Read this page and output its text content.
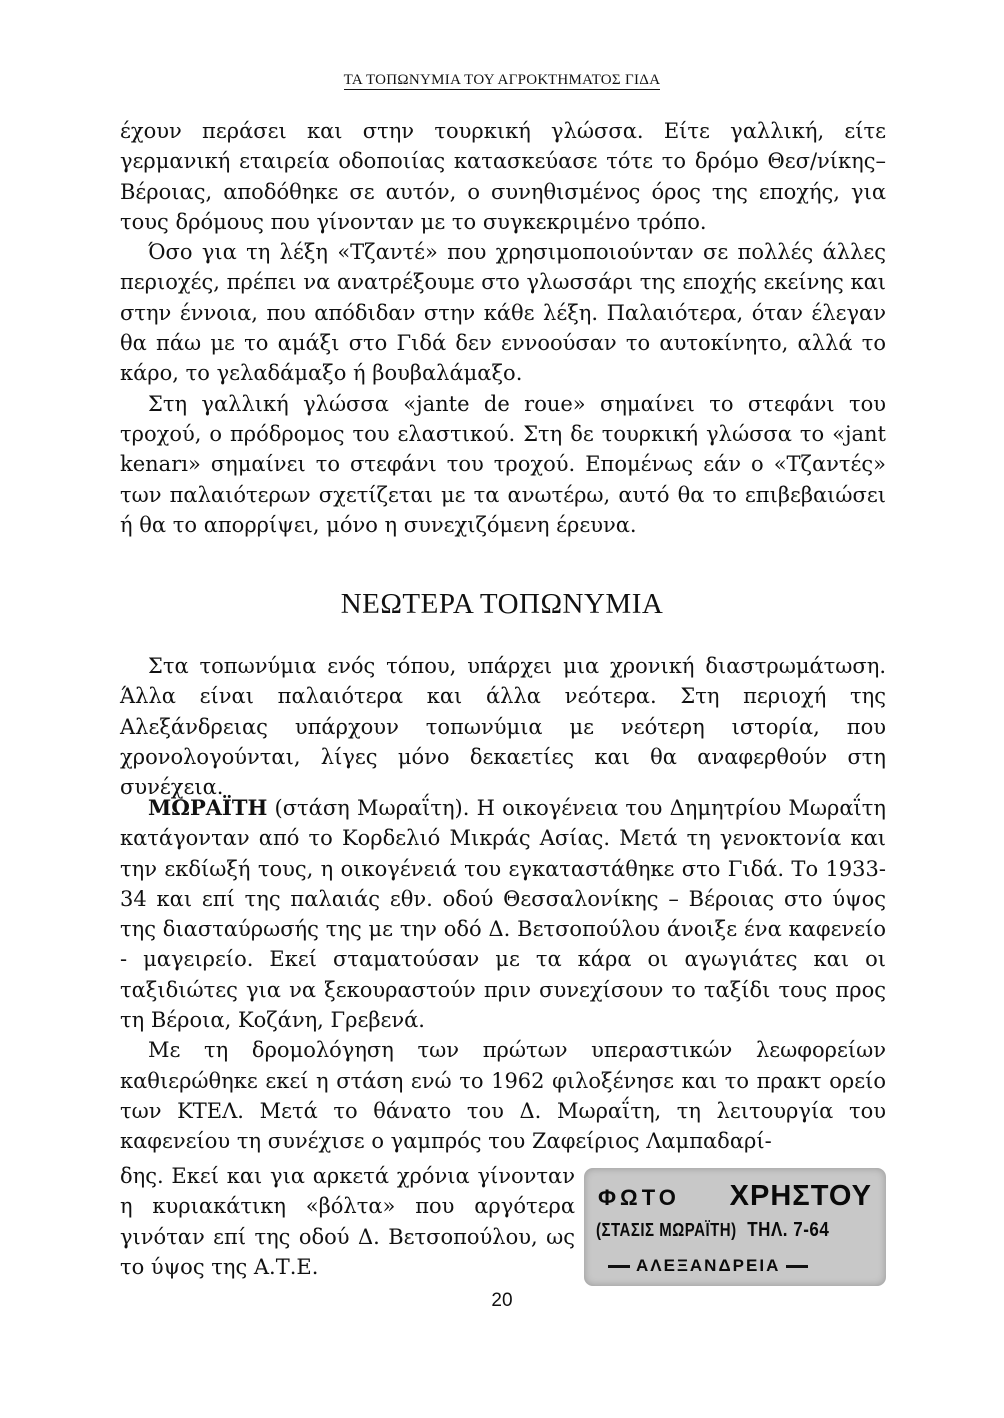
ΤΑ ΤΟΠΩΝΥΜΙΑ ΤΟΥ ΑΓΡΟΚΤΗΜΑΤΟΣ ΓΙΔΑ

έχουν περάσει και στην τουρκική γλώσσα. Είτε γαλλική, είτε γερμανική εταιρεία οδοποιίας κατασκεύασε τότε το δρόμο Θεσ/νίκης–Βέροιας, αποδόθηκε σε αυτόν, ο συνηθισμένος όρος της εποχής, για τους δρόμους που γίνονταν με το συγκεκριμένο τρόπο.

Όσο για τη λέξη «Τζαντέ» που χρησιμοποιούνταν σε πολλές άλλες περιοχές, πρέπει να ανατρέξουμε στο γλωσσάρι της εποχής εκείνης και στην έννοια, που απόδιδαν στην κάθε λέξη. Παλαιότερα, όταν έλεγαν θα πάω με το αμάξι στο Γιδά δεν εννοούσαν το αυτοκίνητο, αλλά το κάρο, το γελαδάμαξο ή βουβαλάμαξο.

Στη γαλλική γλώσσα «jante de roue» σημαίνει το στεφάνι του τροχού, ο πρόδρομος του ελαστικού. Στη δε τουρκική γλώσσα το «jant kenarı» σημαίνει το στεφάνι του τροχού. Επομένως εάν ο «Τζαντές» των παλαιότερων σχετίζεται με τα ανωτέρω, αυτό θα το επιβεβαιώσει ή θα το απορρίψει, μόνο η συνεχιζόμενη έρευνα.

ΝΕΩΤΕΡΑ ΤΟΠΩΝΥΜΙΑ

Στα τοπωνύμια ενός τόπου, υπάρχει μια χρονική διαστρωμάτωση. Άλλα είναι παλαιότερα και άλλα νεότερα. Στη περιοχή της Αλεξάνδρειας υπάρχουν τοπωνύμια με νεότερη ιστορία, που χρονολογούνται, λίγες μόνο δεκαετίες και θα αναφερθούν στη συνέχεια.

ΜΩΡΑΪΤΗ (στάση Μωραΐτη). Η οικογένεια του Δημητρίου Μωραΐτη κατάγονταν από το Κορδελιό Μικράς Ασίας. Μετά τη γενοκτονία και την εκδίωξή τους, η οικογένειά του εγκαταστάθηκε στο Γιδά. Το 1933-34 και επί της παλαιάς εθν. οδού Θεσσαλονίκης – Βέροιας στο ύψος της διασταύρωσής της με την οδό Δ. Βετσοπούλου άνοιξε ένα καφενείο - μαγειρείο. Εκεί σταματούσαν με τα κάρα οι αγωγιάτες και οι ταξιδιώτες για να ξεκουραστούν πριν συνεχίσουν το ταξίδι τους προς τη Βέροια, Κοζάνη, Γρεβενά.

Με τη δρομολόγηση των πρώτων υπεραστικών λεωφορείων καθιερώθηκε εκεί η στάση ενώ το 1962 φιλοξένησε και το πρακτ ορείο των ΚΤΕΛ. Μετά το θάνατο του Δ. Μωραΐτη, τη λειτουργία του καφενείου τη συνέχισε ο γαμπρός του Ζαφείριος Λαμπαδαρί-

δης. Εκεί και για αρκετά χρόνια γίνονταν η κυριακάτικη «βόλτα» που αργότερα γινόταν επί της οδού Δ. Βετσοπούλου, ως το ύψος της Α.Τ.Ε.

ΦΩΤΟ ΧΡΗΣΤΟΥ
(ΣΤΑΣΙΣ ΜΩΡΑΪΤΗ) ΤΗΛ. 7-64
ΑΛΕΞΑΝΔΡΕΙΑ
20
